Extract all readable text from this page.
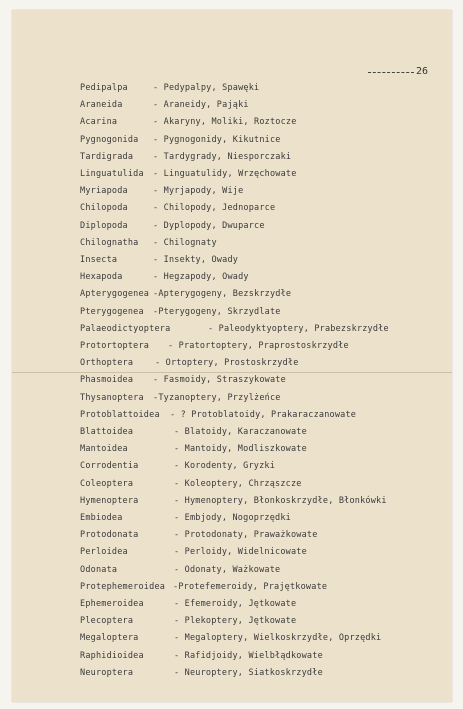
26
Pedipalpa	- Pedypalpy, Spawęki
Araneida	- Araneidy, Pająki
Acarina	- Akaryny, Moliki, Roztocze
Pygnogonida - Pygnogonidy, Kikutnice
Tardigrada - Tardygrady, Niesporczaki
Linguatulida - Linguatulidy, Wrzęchowate
Myriapoda	- Myrjapody, Wije
Chilopoda	- Chilopody, Jednoparce
Diplopoda	- Dyplopody, Dwuparce
Chilognatha - Chilognaty
Insecta	- Insekty, Owady
Hexapoda	- Hegzapody, Owady
Apterygogenea -Apterygogeny, Bezskrzydłe
Pterygogenea -Pterygogeny, Skrzydlate
Palaeodictyoptera	- Paleodyktyoptery, Prabezskrzydłe
Protortoptera - Pratortoptery, Praprostoskrzydłe
Orthoptera	- Ortoptery, Prostoskrzydłe
Phasmoidea - Fasmoidy, Straszykowate
Thysanoptera -Tyzanoptery, Przylżeńce
Protoblattoidea - ? Protoblatoidy, Prakaraczanowate
Blattoidea	- Blatoidy, Karaczanowate
Mantoidea	- Mantoidy, Modliszkowate
Corrodentia	- Korodenty, Gryzki
Coleoptera	- Koleoptery, Chrząszcze
Hymenoptera	- Hymenoptery, Błonkoskrzydłe, Błonkówki
Embiodea	- Embjody, Nogoprzędki
Protodonata	- Protodonaty, Praważkowate
Perloidea	- Perloidy, Widelnicowate
Odonata	- Odonaty, Ważkowate
Protephemeroidea -Protefemeroidy, Prajętkowate
Ephemeroidea	- Efemeroidy, Jętkowate
Plecoptera	- Plekoptery, Jętkowate
Megaloptera	- Megaloptery, Wielkoskrzydłe, Oprzędki
Raphidioidea	- Rafidjoidy, Wielbłądkowate
Neuroptera	- Neuroptery, Siatkoskrzydłe
